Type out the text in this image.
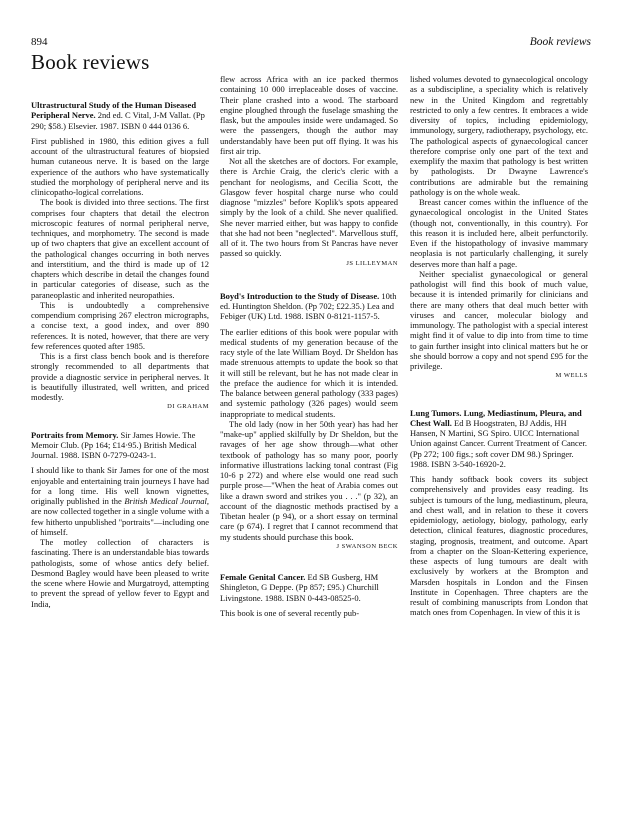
894	Book reviews
Book reviews
Ultrastructural Study of the Human Diseased Peripheral Nerve. 2nd ed. C Vital, J-M Vallat. (Pp 290; $58.) Elsevier. 1987. ISBN 0 444 0136 6.

First published in 1980, this edition gives a full account of the ultrastructural features of biopsied human cutaneous nerve. It is based on the large experience of the authors who have systematically studied the morphology of peripheral nerve and its clinicopatho-logical correlations.

The book is divided into three sections. The first comprises four chapters that detail the electron microscopic features of normal peripheral nerve, techniques, and morphometry. The second is made up of two chapters that give an excellent account of the pathological changes occurring in both nerves and interstitium, and the third is made up of 12 chapters which describe in detail the changes found in particular categories of disease, such as the paraneoplastic and inherited neuropathies.

This is undoubtedly a comprehensive compendium comprising 267 electron micrographs, a concise text, a good index, and over 890 references. It is noted, however, that there are very few references quoted after 1985.

This is a first class bench book and is therefore strongly recommended to all departments that provide a diagnostic service in peripheral nerves. It is beautifully illustrated, well written, and priced modestly.

DI GRAHAM

Portraits from Memory. Sir James Howie. The Memoir Club. (Pp 164; £14·95.) British Medical Journal. 1988. ISBN 0-7279-0243-1.

I should like to thank Sir James for one of the most enjoyable and entertaining train journeys I have had for a long time. His well known vignettes, originally published in the British Medical Journal, are now collected together in a single volume with a few hitherto unpublished "portraits"—including one of himself.

The motley collection of characters is fascinating. There is an understandable bias towards pathologists, some of whose antics defy belief. Desmond Bagley would have been pleased to write the scene where Howie and Murgatroyd, attempting to prevent the spread of yellow fever to Egypt and India,

flew across Africa with an ice packed thermos containing 10 000 irreplaceable doses of vaccine. Their plane crashed into a wood. The starboard engine ploughed through the fuselage smashing the flask, but the ampoules inside were undamaged. So were the passengers, though the author may understandably have been put off flying. It was his first air trip.

Not all the sketches are of doctors. For example, there is Archie Craig, the cleric's cleric with a penchant for neologisms, and Cecilia Scott, the Glasgow fever hospital charge nurse who could diagnose "mizzles" before Koplik's spots appeared simply by the look of a child. She never qualified. She never married either, but was happy to confide that she had not been "neglected". Marvellous stuff, all of it. The two hours from St Pancras have never passed so quickly.

JS LILLEYMAN

Boyd's Introduction to the Study of Disease. 10th ed. Huntington Sheldon. (Pp 702; £22.35.) Lea and Febiger (UK) Ltd. 1988. ISBN 0-8121-1157-5.

The earlier editions of this book were popular with medical students of my generation because of the racy style of the late William Boyd. Dr Sheldon has made strenuous attempts to update the book so that it will still be relevant, but he has not made clear in the preface the audience for which it is intended. The balance between general pathology (333 pages) and systemic pathology (326 pages) would seem inappropriate to medical students.

The old lady (now in her 50th year) has had her "make-up" applied skilfully by Dr Sheldon, but the ravages of her age show through—what other textbook of pathology has so many poor, poorly informative illustrations lacking tonal contrast (Fig 10-6 p 272) and where else would one read such purple prose—"When the heat of Arabia comes out like a drawn sword and strikes you . . ." (p 32), an account of the diagnostic methods practised by a Tibetan healer (p 94), or a short essay on terminal care (p 674). I regret that I cannot recommend that my students should purchase this book.

J SWANSON BECK

Female Genital Cancer. Ed SB Gusberg, HM Shingleton, G Deppe. (Pp 857; £95.) Churchill Livingstone. 1988. ISBN 0-443-08525-0.

This book is one of several recently pub-

lished volumes devoted to gynaecological oncology as a subdiscipline, a speciality which is relatively new in the United Kingdom and regrettably restricted to only a few centres. It embraces a wide diversity of topics, including epidemiology, immunology, surgery, radiotherapy, psychology, etc. The pathological aspects of gynaecological cancer therefore comprise only one part of the text and exemplify the maxim that pathology is best written by pathologists. Dr Dwayne Lawrence's contributions are admirable but the remaining pathology is on the whole weak.

Breast cancer comes within the influence of the gynaecological oncologist in the United States (though not, conventionally, in this country). For this reason it is included here, albeit perfunctorily. Even if the histopathology of invasive mammary neoplasia is not particularly challenging, it surely deserves more than half a page.

Neither specialist gynaecological or general pathologist will find this book of much value, because it is intended primarily for clinicians and there are many others that deal much better with viruses and cancer, molecular biology and immunology. The pathologist with a special interest might find it of value to dip into from time to time to gain further insight into clinical matters but he or she should borrow a copy and not spend £95 for the privilege.

M WELLS

Lung Tumors. Lung, Mediastinum, Pleura, and Chest Wall. Ed B Hoogstraten, BJ Addis, HH Hansen, N Martini, SG Spiro. UICC International Union against Cancer. Current Treatment of Cancer. (Pp 272; 100 figs.; soft cover DM 98.) Springer. 1988. ISBN 3-540-16920-2.

This handy softback book covers its subject comprehensively and provides easy reading. Its subject is tumours of the lung, mediastinum, pleura, and chest wall, and in relation to these it covers epidemiology, aetiology, biology, pathology, early detection, clinical features, diagnostic procedures, staging, prognosis, treatment, and outcome. Apart from a chapter on the Sloan-Kettering experience, these aspects of lung tumours are dealt with exclusively by workers at the Brompton and Marsden hospitals in London and the Finsen Institute in Copenhagen. Three chapters are the result of combining manuscripts from London that match ones from Copenhagen. In view of this it is
